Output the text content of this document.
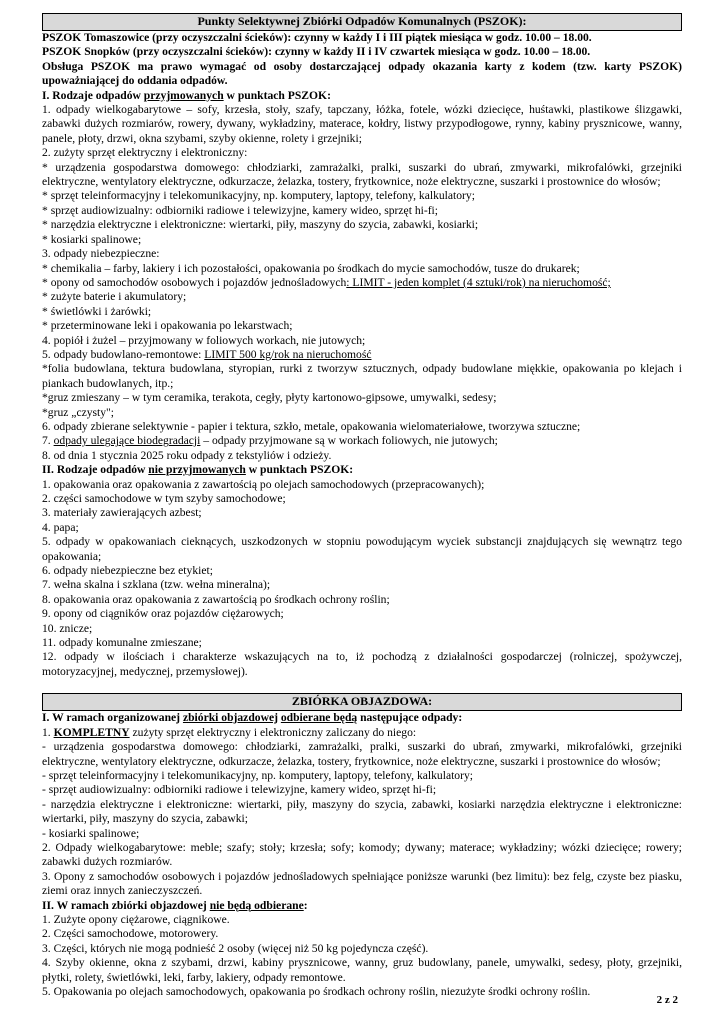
Punkty Selektywnej Zbiórki Odpadów Komunalnych (PSZOK):

PSZOK Tomaszowice (przy oczyszczalni ścieków): czynny w każdy I i III piątek miesiąca w godz. 10.00 – 18.00.

PSZOK Snopków (przy oczyszczalni ścieków): czynny w każdy II i IV czwartek miesiąca w godz. 10.00 – 18.00.

Obsługa PSZOK ma prawo wymagać od osoby dostarczającej odpady okazania karty z kodem (tzw. karty PSZOK) upoważniającej do oddania odpadów.

I. Rodzaje odpadów przyjmowanych w punktach PSZOK:

1. odpady wielkogabarytowe – sofy, krzesła, stoły, szafy, tapczany, łóżka, fotele, wózki dziecięce, huśtawki, plastikowe ślizgawki, zabawki dużych rozmiarów, rowery, dywany, wykładziny, materace, kołdry, listwy przypodłogowe, rynny, kabiny prysznicowe, wanny, panele, płoty, drzwi, okna szybami, szyby okienne, rolety i grzejniki;

2. zużyty sprzęt elektryczny i elektroniczny:

* urządzenia gospodarstwa domowego: chłodziarki, zamrażalki, pralki, suszarki do ubrań, zmywarki, mikrofalówki, grzejniki elektryczne, wentylatory elektryczne, odkurzacze, żelazka, tostery, frytkownice, noże elektryczne, suszarki i prostownice do włosów;

* sprzęt teleinformacyjny i telekomunikacyjny, np. komputery, laptopy, telefony, kalkulatory;

* sprzęt audiowizualny: odbiorniki radiowe i telewizyjne, kamery wideo, sprzęt hi-fi;

* narzędzia elektryczne i elektroniczne: wiertarki, piły, maszyny do szycia, zabawki, kosiarki;

* kosiarki spalinowe;

3. odpady niebezpieczne:

* chemikalia – farby, lakiery i ich pozostałości, opakowania po środkach do mycie samochodów, tusze do drukarek;

* opony od samochodów osobowych i pojazdów jednośladowych: LIMIT - jeden komplet (4 sztuki/rok) na nieruchomość;

* zużyte baterie i akumulatory;

* świetlówki i żarówki;

* przeterminowane leki i opakowania po lekarstwach;

4. popiół i żużel – przyjmowany w foliowych workach, nie jutowych;

5. odpady budowlano-remontowe: LIMIT 500 kg/rok na nieruchomość

*folia budowlana, tektura budowlana, styropian, rurki z tworzyw sztucznych, odpady budowlane miękkie, opakowania po klejach i piankach budowlanych, itp.;

*gruz zmieszany – w tym ceramika, terakota, cegły, płyty kartonowo-gipsowe, umywalki, sedesy;

*gruz „czysty";

6. odpady zbierane selektywnie - papier i tektura, szkło, metale, opakowania wielomateriałowe, tworzywa sztuczne;

7. odpady ulegające biodegradacji – odpady przyjmowane są w workach foliowych, nie jutowych;

8. od dnia 1 stycznia 2025 roku odpady z tekstyliów i odzieży.

II. Rodzaje odpadów nie przyjmowanych w punktach PSZOK:

1. opakowania oraz opakowania z zawartością po olejach samochodowych (przepracowanych);

2. części samochodowe w tym szyby samochodowe;

3. materiały zawierających azbest;

4. papa;

5. odpady w opakowaniach cieknących, uszkodzonych w stopniu powodującym wyciek substancji znajdujących się wewnątrz tego opakowania;

6. odpady niebezpieczne bez etykiet;

7. wełna skalna i szklana (tzw. wełna mineralna);

8. opakowania oraz opakowania z zawartością po środkach ochrony roślin;

9. opony od ciągników oraz pojazdów ciężarowych;

10. znicze;

11. odpady komunalne zmieszane;

12. odpady w ilościach i charakterze wskazujących na to, iż pochodzą z działalności gospodarczej (rolniczej, spożywczej, motoryzacyjnej, medycznej, przemysłowej).

ZBIÓRKA OBJAZDOWA:

I. W ramach organizowanej zbiórki objazdowej odbierane będą następujące odpady:

1. KOMPLETNY zużyty sprzęt elektryczny i elektroniczny zaliczany do niego:

- urządzenia gospodarstwa domowego: chłodziarki, zamrażalki, pralki, suszarki do ubrań, zmywarki, mikrofalówki, grzejniki elektryczne, wentylatory elektryczne, odkurzacze, żelazka, tostery, frytkownice, noże elektryczne, suszarki i prostownice do włosów;

- sprzęt teleinformacyjny i telekomunikacyjny, np. komputery, laptopy, telefony, kalkulatory;

- sprzęt audiowizualny: odbiorniki radiowe i telewizyjne, kamery wideo, sprzęt hi-fi;

- narzędzia elektryczne i elektroniczne: wiertarki, piły, maszyny do szycia, zabawki, kosiarki narzędzia elektryczne i elektroniczne: wiertarki, piły, maszyny do szycia, zabawki;

- kosiarki spalinowe;

2. Odpady wielkogabarytowe: meble; szafy; stoły; krzesła; sofy; komody; dywany; materace; wykładziny; wózki dziecięce; rowery; zabawki dużych rozmiarów.

3. Opony z samochodów osobowych i pojazdów jednośladowych spełniające poniższe warunki (bez limitu): bez felg, czyste bez piasku, ziemi oraz innych zanieczyszczeń.

II. W ramach zbiórki objazdowej nie będą odbierane:

1. Zużyte opony ciężarowe, ciągnikowe.

2. Części samochodowe, motorowery.

3. Części, których nie mogą podnieść 2 osoby (więcej niż 50 kg pojedyncza część).

4. Szyby okienne, okna z szybami, drzwi, kabiny prysznicowe, wanny, gruz budowlany, panele, umywalki, sedesy, płoty, grzejniki, płytki, rolety, świetlówki, leki, farby, lakiery, odpady remontowe.

5. Opakowania po olejach samochodowych, opakowania po środkach ochrony roślin, niezużyte środki ochrony roślin.

2 z 2
